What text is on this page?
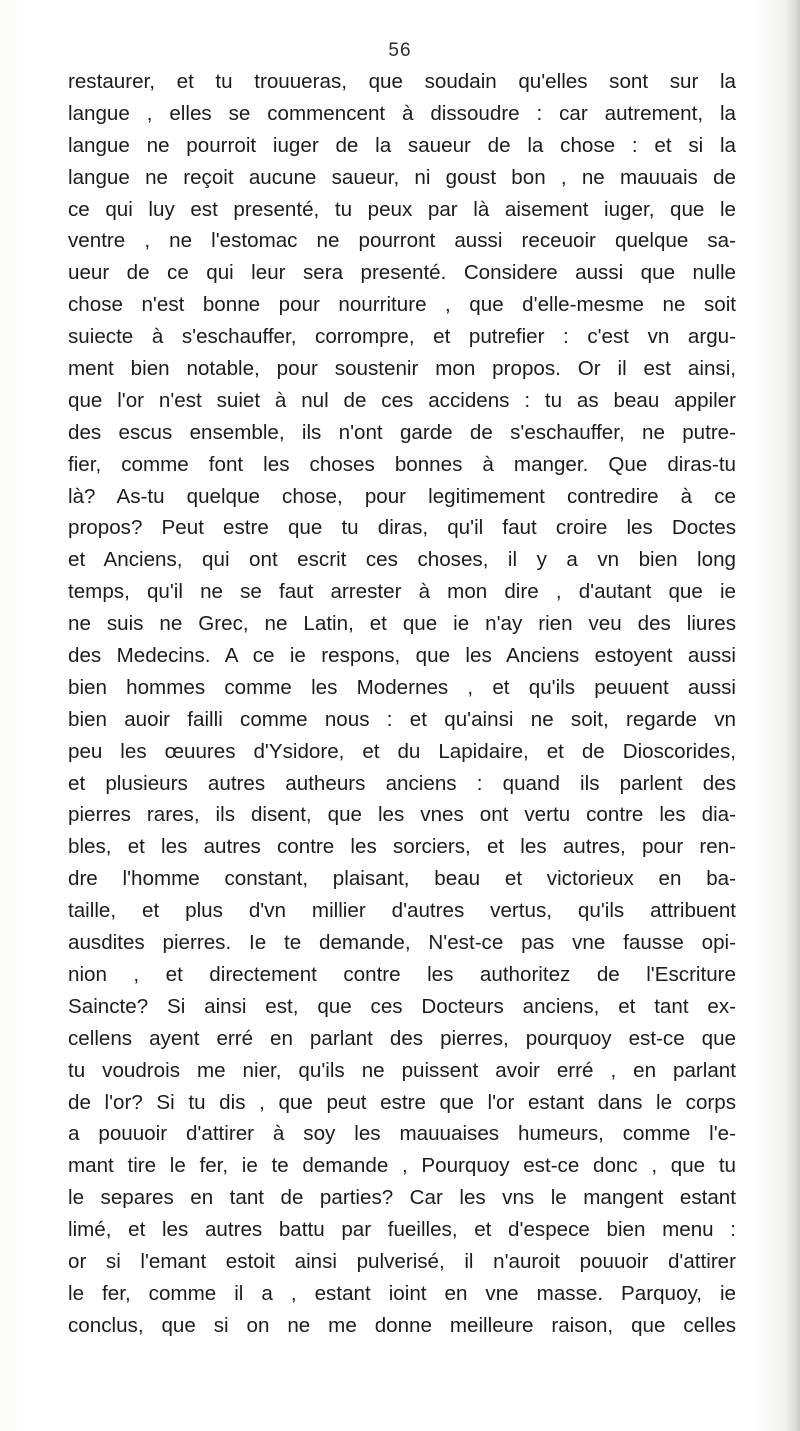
56
restaurer, et tu trouueras, que soudain qu'elles sont sur la
langue , elles se commencent à dissoudre : car autrement, la
langue ne pourroit iuger de la saueur de la chose : et si la
langue ne reçoit aucune saueur, ni goust bon , ne mauuais de
ce qui luy est presenté, tu peux par là aisement iuger, que le
ventre , ne l'estomac ne pourront aussi receuoir quelque sa-
ueur de ce qui leur sera presenté. Considere aussi que nulle
chose n'est bonne pour nourriture , que d'elle-mesme ne soit
suiecte à s'eschauffer, corrompre, et putrefier : c'est vn argu-
ment bien notable, pour soustenir mon propos. Or il est ainsi,
que l'or n'est suiet à nul de ces accidens : tu as beau appiler
des escus ensemble, ils n'ont garde de s'eschauffer, ne putre-
fier, comme font les choses bonnes à manger. Que diras-tu
là? As-tu quelque chose, pour legitimement contredire à ce
propos? Peut estre que tu diras, qu'il faut croire les Doctes
et Anciens, qui ont escrit ces choses, il y a vn bien long
temps, qu'il ne se faut arrester à mon dire , d'autant que ie
ne suis ne Grec, ne Latin, et que ie n'ay rien veu des liures
des Medecins. A ce ie respons, que les Anciens estoyent aussi
bien hommes comme les Modernes , et qu'ils peuuent aussi
bien auoir failli comme nous : et qu'ainsi ne soit, regarde vn
peu les œuures d'Ysidore, et du Lapidaire, et de Dioscorides,
et plusieurs autres autheurs anciens : quand ils parlent des
pierres rares, ils disent, que les vnes ont vertu contre les dia-
bles, et les autres contre les sorciers, et les autres, pour ren-
dre l'homme constant, plaisant, beau et victorieux en ba-
taille, et plus d'vn millier d'autres vertus, qu'ils attribuent
ausdites pierres. Ie te demande, N'est-ce pas vne fausse opi-
nion , et directement contre les authoritez de l'Escriture
Saincte? Si ainsi est, que ces Docteurs anciens, et tant ex-
cellens ayent erré en parlant des pierres, pourquoy est-ce que
tu voudrois me nier, qu'ils ne puissent avoir erré , en parlant
de l'or? Si tu dis , que peut estre que l'or estant dans le corps
a pouuoir d'attirer à soy les mauuaises humeurs, comme l'e-
mant tire le fer, ie te demande , Pourquoy est-ce donc , que tu
le separes en tant de parties? Car les vns le mangent estant
limé, et les autres battu par fueilles, et d'espece bien menu :
or si l'emant estoit ainsi pulverisé, il n'auroit pouuoir d'attirer
le fer, comme il a , estant ioint en vne masse. Parquoy, ie
conclus, que si on ne me donne meilleure raison, que celles
